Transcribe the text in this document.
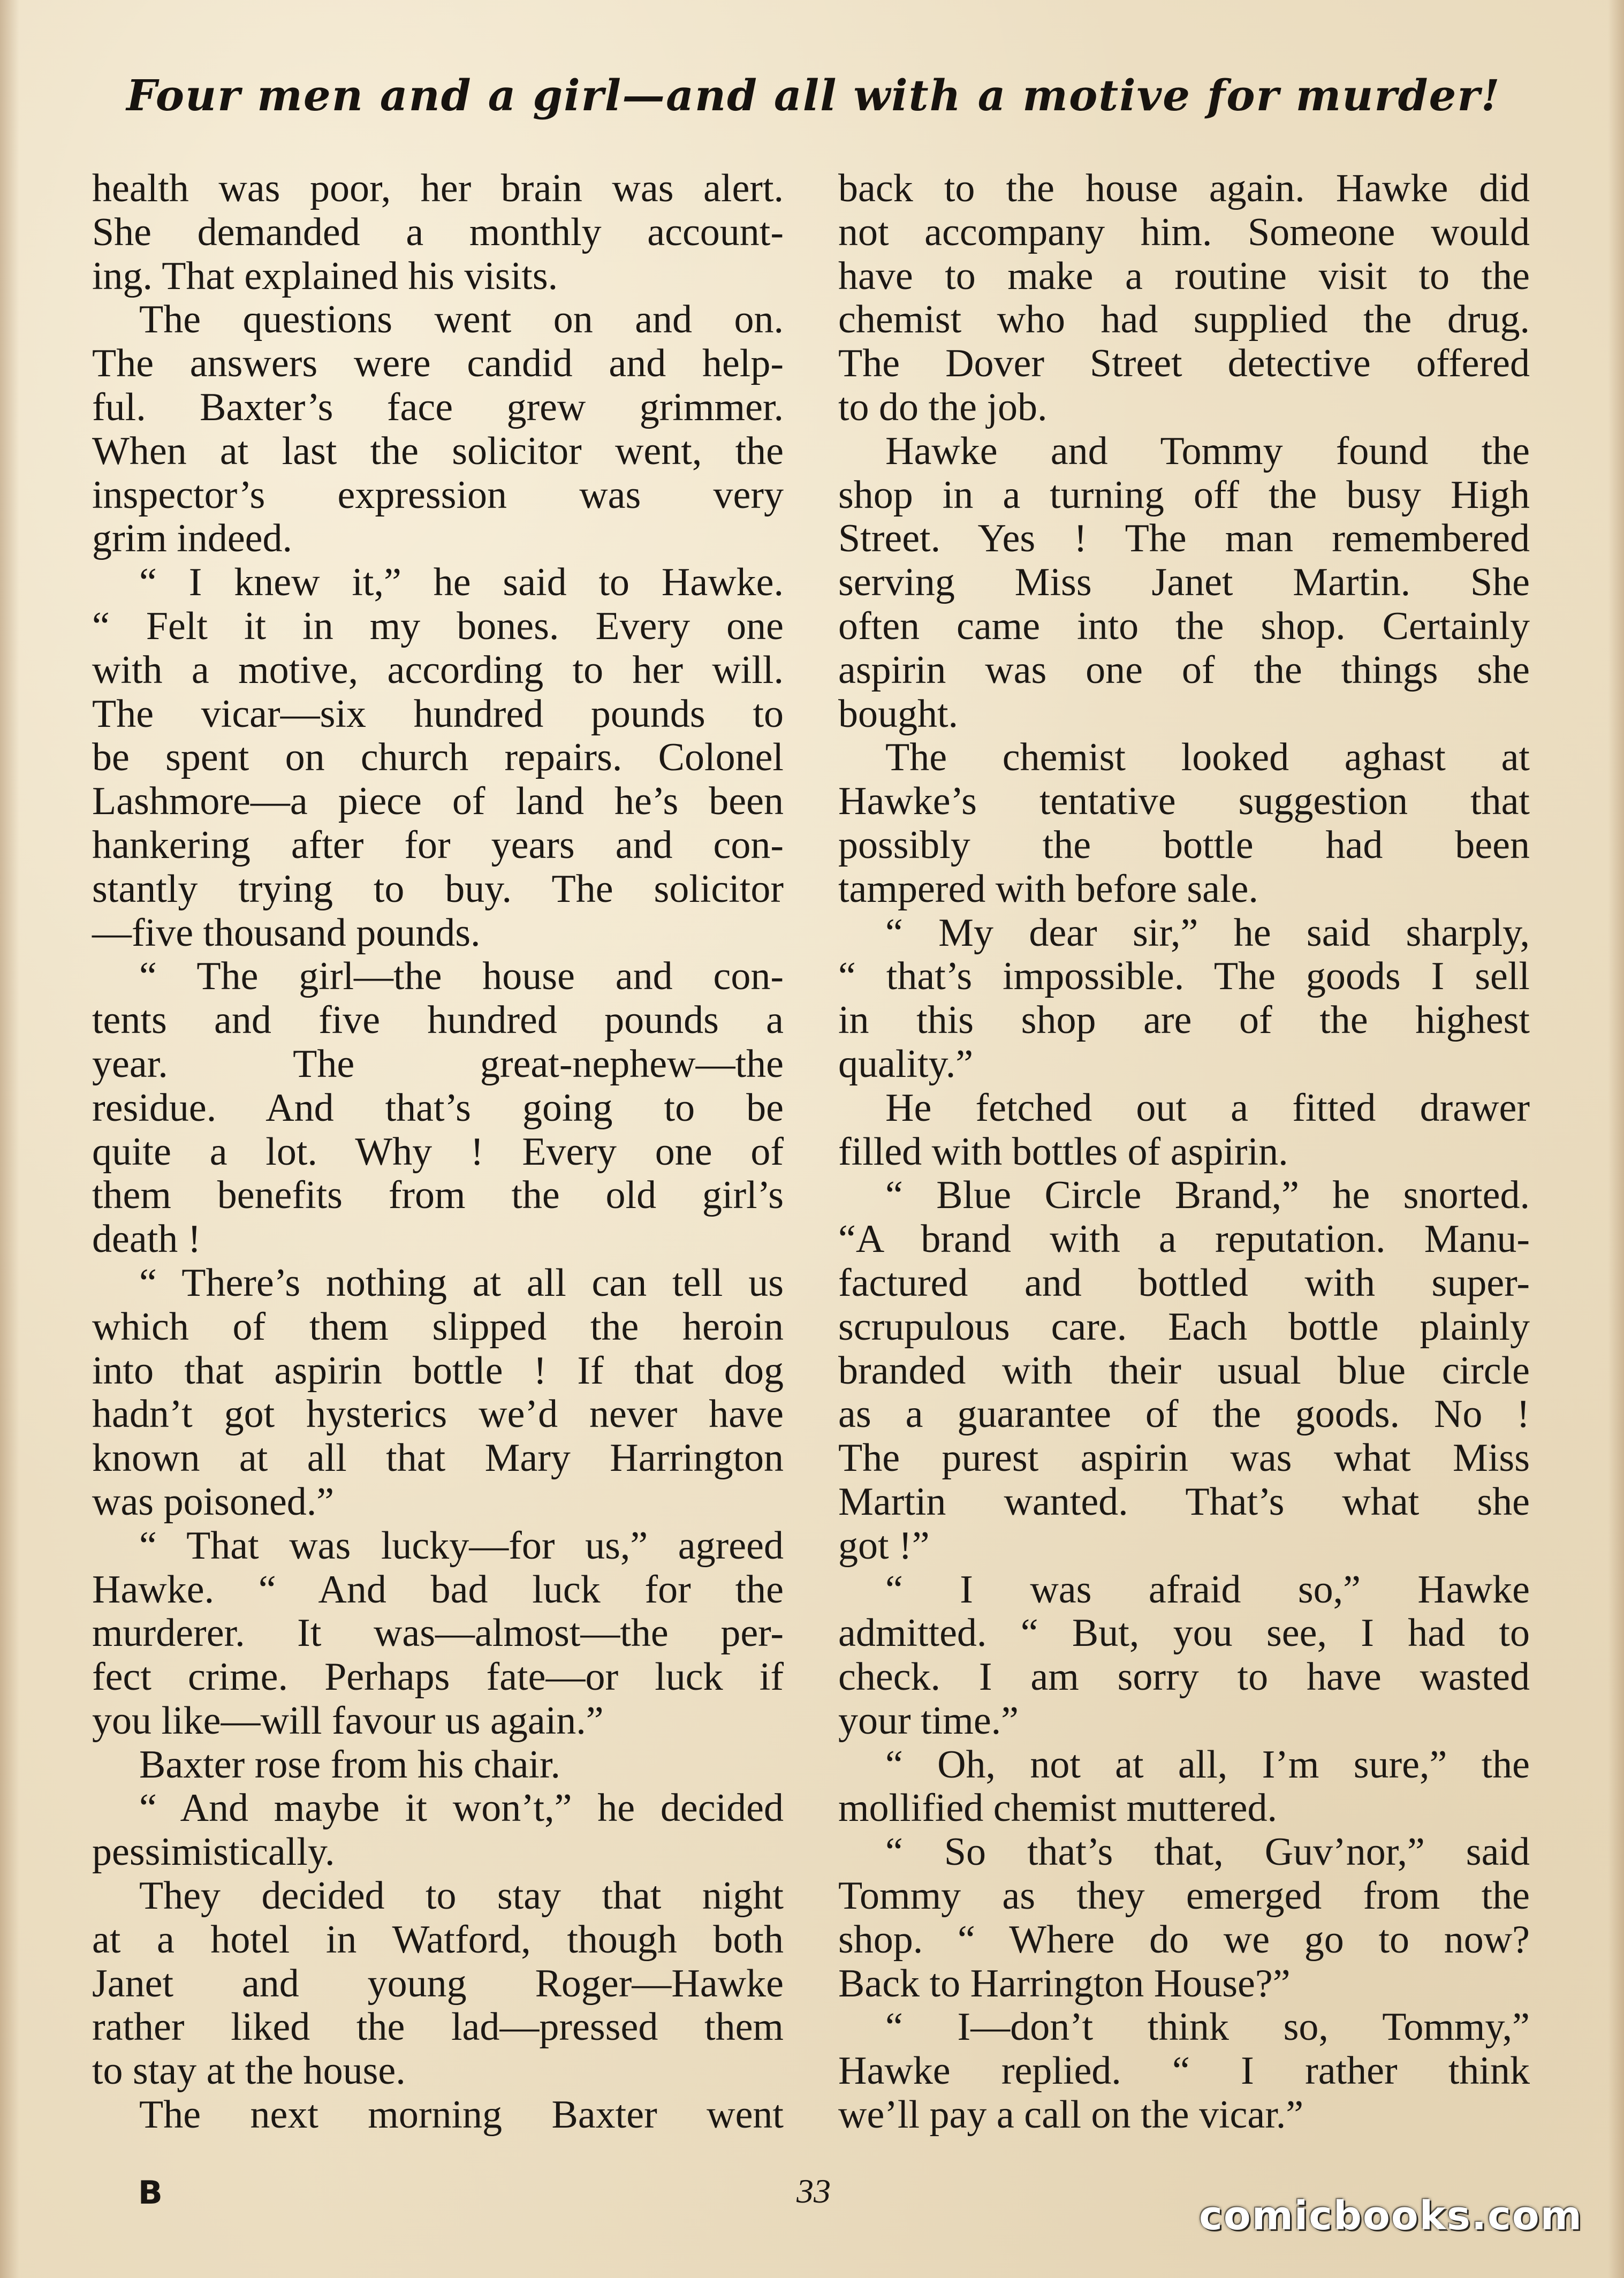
Four men and a girl—and all with a motive for murder!
health was poor, her brain was alert.
She demanded a monthly account-
ing. That explained his visits.
The questions went on and on.
The answers were candid and help-
ful. Baxter’s face grew grimmer.
When at last the solicitor went, the
inspector’s expression was very
grim indeed.
“ I knew it,” he said to Hawke.
“ Felt it in my bones. Every one
with a motive, according to her will.
The vicar—six hundred pounds to
be spent on church repairs. Colonel
Lashmore—a piece of land he’s been
hankering after for years and con-
stantly trying to buy. The solicitor
—five thousand pounds.
“ The girl—the house and con-
tents and five hundred pounds a
year. The great-nephew—the
residue. And that’s going to be
quite a lot. Why ! Every one of
them benefits from the old girl’s
death !
“ There’s nothing at all can tell us
which of them slipped the heroin
into that aspirin bottle ! If that dog
hadn’t got hysterics we’d never have
known at all that Mary Harrington
was poisoned.”
“ That was lucky—for us,” agreed
Hawke. “ And bad luck for the
murderer. It was—almost—the per-
fect crime. Perhaps fate—or luck if
you like—will favour us again.”
Baxter rose from his chair.
“ And maybe it won’t,” he decided
pessimistically.
They decided to stay that night
at a hotel in Watford, though both
Janet and young Roger—Hawke
rather liked the lad—pressed them
to stay at the house.
The next morning Baxter went
back to the house again. Hawke did
not accompany him. Someone would
have to make a routine visit to the
chemist who had supplied the drug.
The Dover Street detective offered
to do the job.
Hawke and Tommy found the
shop in a turning off the busy High
Street. Yes ! The man remembered
serving Miss Janet Martin. She
often came into the shop. Certainly
aspirin was one of the things she
bought.
The chemist looked aghast at
Hawke’s tentative suggestion that
possibly the bottle had been
tampered with before sale.
“ My dear sir,” he said sharply,
“ that’s impossible. The goods I sell
in this shop are of the highest
quality.”
He fetched out a fitted drawer
filled with bottles of aspirin.
“ Blue Circle Brand,” he snorted.
“A brand with a reputation. Manu-
factured and bottled with super-
scrupulous care. Each bottle plainly
branded with their usual blue circle
as a guarantee of the goods. No !
The purest aspirin was what Miss
Martin wanted. That’s what she
got !”
“ I was afraid so,” Hawke
admitted. “ But, you see, I had to
check. I am sorry to have wasted
your time.”
“ Oh, not at all, I’m sure,” the
mollified chemist muttered.
“ So that’s that, Guv’nor,” said
Tommy as they emerged from the
shop. “ Where do we go to now?
Back to Harrington House?”
“ I—don’t think so, Tommy,”
Hawke replied. “ I rather think
we’ll pay a call on the vicar.”
B	33
comicbooks.com
